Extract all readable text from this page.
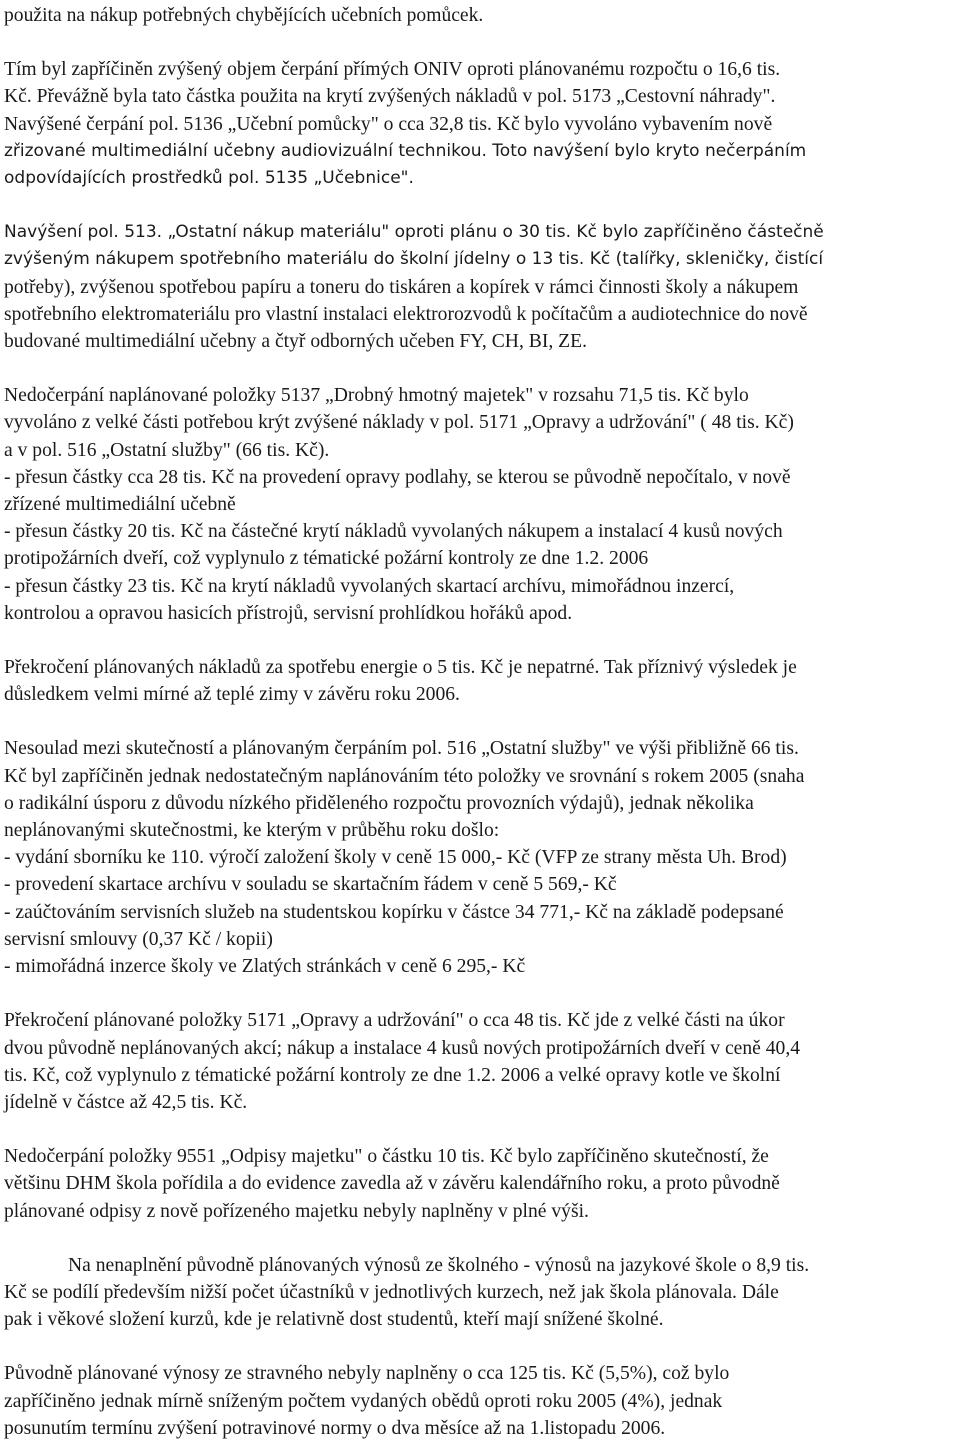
použita na nákup potřebných chybějících učebních pomůcek.

Tím byl zapříčiněn zvýšený objem čerpání přímých ONIV oproti plánovanému rozpočtu o 16,6 tis.
Kč. Převážně byla tato částka použita na krytí zvýšených nákladů v pol. 5173 „Cestovní náhrady".
Navýšené čerpání pol. 5136 „Učební pomůcky" o cca 32,8 tis. Kč bylo vyvoláno vybavením nově
zřizované multimediální učebny audiovizuální technikou. Toto navýšení bylo kryto nečerpáním
odpovídajících prostředků pol. 5135 „Učebnice".

Navýšení pol. 513. „Ostatní nákup materiálu" oproti plánu o 30 tis. Kč bylo zapříčiněno částečně
zvýšeným nákupem spotřebního materiálu do školní jídelny o 13 tis. Kč (talířky, skleničky, čistící
potřeby), zvýšenou spotřebou papíru a toneru do tiskáren a kopírek v rámci činnosti školy a nákupem
spotřebního elektromateriálu pro vlastní instalaci elektrorozvodů k počítačům a audiotechnice do nově
budované multimediální učebny a čtyř odborných učeben FY, CH, BI, ZE.

Nedočerpání naplánované položky 5137 „Drobný hmotný majetek" v rozsahu 71,5 tis. Kč bylo
vyvoláno z velké části potřebou krýt zvýšené náklady v pol. 5171 „Opravy a udržování" ( 48 tis. Kč)
a v pol. 516 „Ostatní služby" (66 tis. Kč).
- přesun částky cca 28 tis. Kč na provedení opravy podlahy, se kterou se původně nepočítalo, v nově
zřízené multimediální učebně
- přesun částky 20 tis. Kč na částečné krytí nákladů vyvolaných nákupem a instalací 4 kusů nových
protipožárních dveří, což vyplynulo z tématické požární kontroly ze dne 1.2. 2006
- přesun částky 23 tis. Kč na krytí nákladů vyvolaných skartací archívu, mimořádnou inzercí,
kontrolou a opravou hasicích přístrojů, servisní prohlídkou hořáků apod.

Překročení plánovaných nákladů za spotřebu energie o 5 tis. Kč je nepatrné. Tak příznivý výsledek je
důsledkem velmi mírné až teplé zimy v závěru roku 2006.

Nesoulad mezi skutečností a plánovaným čerpáním pol. 516 „Ostatní služby" ve výši přibližně 66 tis.
Kč byl zapříčiněn jednak nedostatečným naplánováním této položky ve srovnání s rokem 2005 (snaha
o radikální úsporu z důvodu nízkého přiděleného rozpočtu provozních výdajů), jednak několika
neplánovanými skutečnostmi, ke kterým v průběhu roku došlo:
- vydání sborníku ke 110. výročí založení školy v ceně 15 000,- Kč (VFP ze strany města Uh. Brod)
- provedení skartace archívu v souladu se skartačním řádem v ceně 5 569,- Kč
- zaúčtováním servisních služeb na studentskou kopírku v částce 34 771,- Kč na základě podepsané
servisní smlouvy (0,37 Kč / kopii)
- mimořádná inzerce školy ve Zlatých stránkách v ceně 6 295,- Kč

Překročení plánované položky 5171 „Opravy a udržování" o cca 48 tis. Kč jde z velké části na úkor
dvou původně neplánovaných akcí; nákup a instalace 4 kusů nových protipožárních dveří v ceně 40,4
tis. Kč, což vyplynulo z tématické požární kontroly ze dne 1.2. 2006 a velké opravy kotle ve školní
jídelně v částce až 42,5 tis. Kč.

Nedočerpání položky 9551 „Odpisy majetku" o částku 10 tis. Kč bylo zapříčiněno skutečností, že
většinu DHM škola pořídila a do evidence zavedla až v závěru kalendářního roku, a proto původně
plánované odpisy z nově pořízeného majetku nebyly naplněny v plné výši.

Na nenaplnění původně plánovaných výnosů ze školného - výnosů na jazykové škole o 8,9 tis.
Kč se podílí především nižší počet účastníků v jednotlivých kurzech, než jak škola plánovala. Dále
pak i věkové složení kurzů, kde je relativně dost studentů, kteří mají snížené školné.

Původně plánované výnosy ze stravného nebyly naplněny o cca 125 tis. Kč (5,5%), což bylo
zapříčiněno jednak mírně sníženým počtem vydaných obědů oproti roku 2005 (4%), jednak
posunutím termínu zvýšení potravinové normy o dva měsíce až na 1.listopadu 2006.
